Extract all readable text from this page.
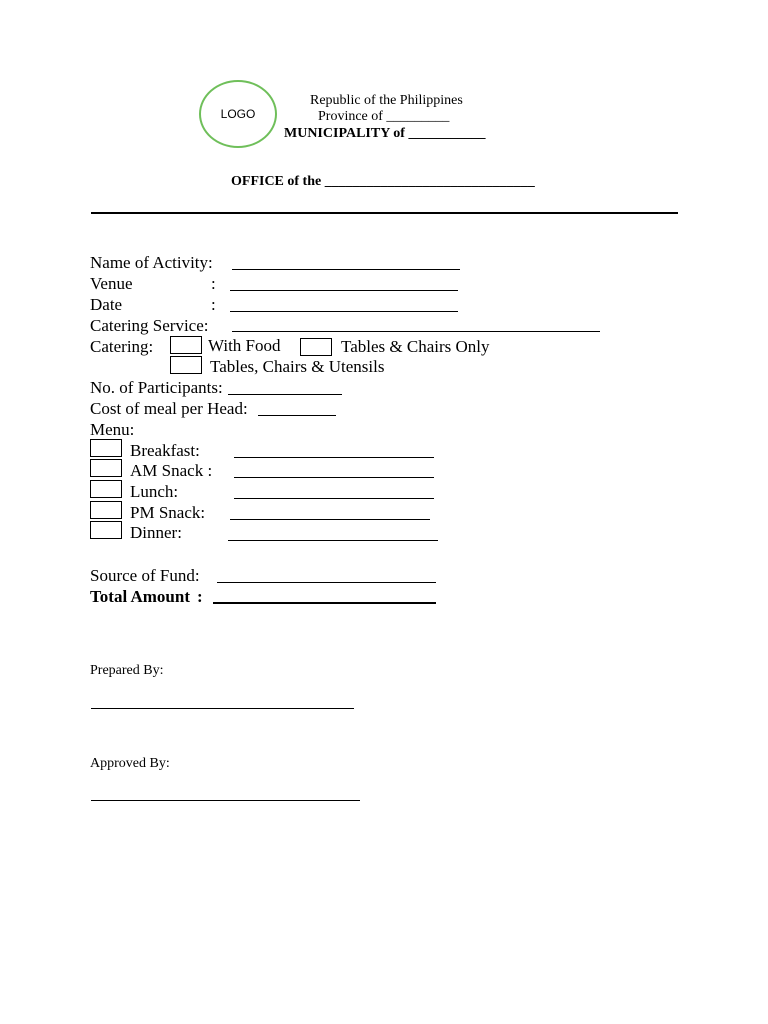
LOGO
Republic of the Philippines
Province of _________
MUNICIPALITY of ___________
OFFICE of the ______________________________
Name of Activity:
Venue	:
Date	:
Catering Service:
Catering:	With Food	Tables & Chairs Only
Tables, Chairs & Utensils
No. of Participants:
Cost of meal per Head:
Menu:
Breakfast:
AM Snack :
Lunch:
PM Snack:
Dinner:
Source of Fund:
Total Amount :
Prepared By:
Approved By:
